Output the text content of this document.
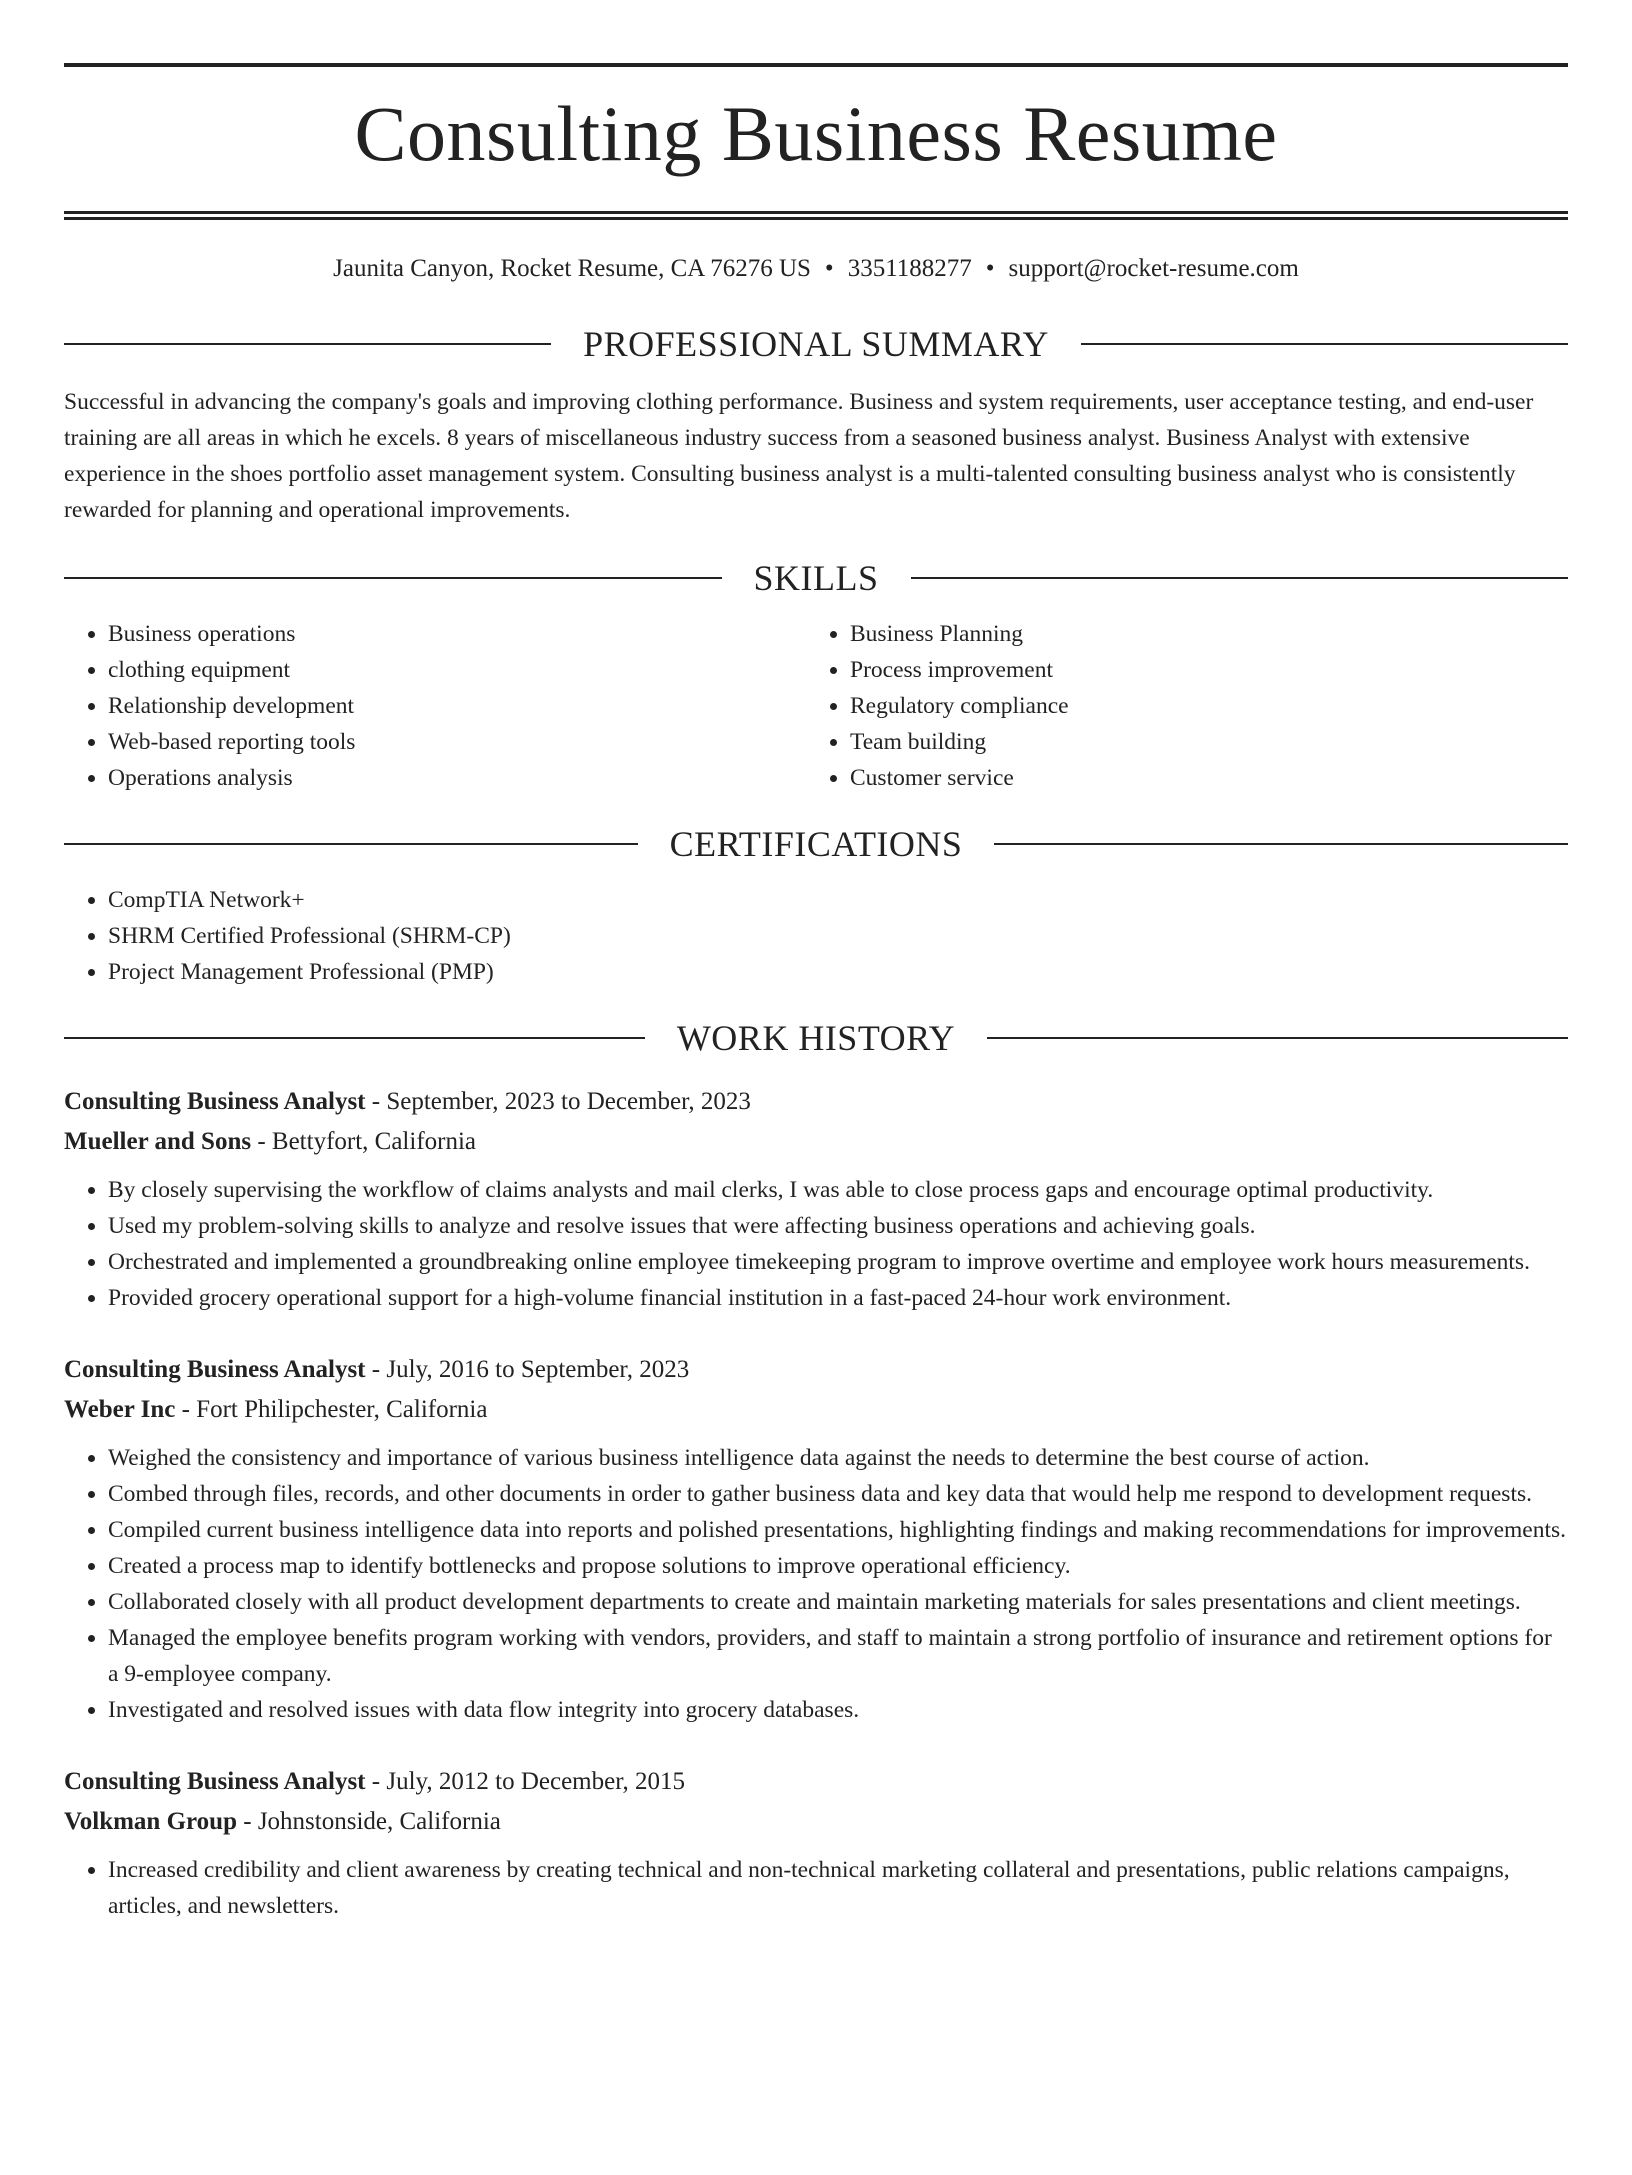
Consulting Business Resume
Jaunita Canyon, Rocket Resume, CA 76276 US • 3351188277 • support@rocket-resume.com
PROFESSIONAL SUMMARY

Successful in advancing the company's goals and improving clothing performance. Business and system requirements, user acceptance testing, and end-user training are all areas in which he excels. 8 years of miscellaneous industry success from a seasoned business analyst. Business Analyst with extensive experience in the shoes portfolio asset management system. Consulting business analyst is a multi-talented consulting business analyst who is consistently rewarded for planning and operational improvements.

SKILLS
• Business operations
• clothing equipment
• Relationship development
• Web-based reporting tools
• Operations analysis
• Business Planning
• Process improvement
• Regulatory compliance
• Team building
• Customer service
CERTIFICATIONS
• CompTIA Network+
• SHRM Certified Professional (SHRM-CP)
• Project Management Professional (PMP)
WORK HISTORY
Consulting Business Analyst - September, 2023 to December, 2023
Mueller and Sons - Bettyfort, California
• By closely supervising the workflow of claims analysts and mail clerks, I was able to close process gaps and encourage optimal productivity.
• Used my problem-solving skills to analyze and resolve issues that were affecting business operations and achieving goals.
• Orchestrated and implemented a groundbreaking online employee timekeeping program to improve overtime and employee work hours measurements.
• Provided grocery operational support for a high-volume financial institution in a fast-paced 24-hour work environment.
Consulting Business Analyst - July, 2016 to September, 2023
Weber Inc - Fort Philipchester, California
• Weighed the consistency and importance of various business intelligence data against the needs to determine the best course of action.
• Combed through files, records, and other documents in order to gather business data and key data that would help me respond to development requests.
• Compiled current business intelligence data into reports and polished presentations, highlighting findings and making recommendations for improvements.
• Created a process map to identify bottlenecks and propose solutions to improve operational efficiency.
• Collaborated closely with all product development departments to create and maintain marketing materials for sales presentations and client meetings.
• Managed the employee benefits program working with vendors, providers, and staff to maintain a strong portfolio of insurance and retirement options for a 9-employee company.
• Investigated and resolved issues with data flow integrity into grocery databases.
Consulting Business Analyst - July, 2012 to December, 2015
Volkman Group - Johnstonside, California
• Increased credibility and client awareness by creating technical and non-technical marketing collateral and presentations, public relations campaigns, articles, and newsletters.
